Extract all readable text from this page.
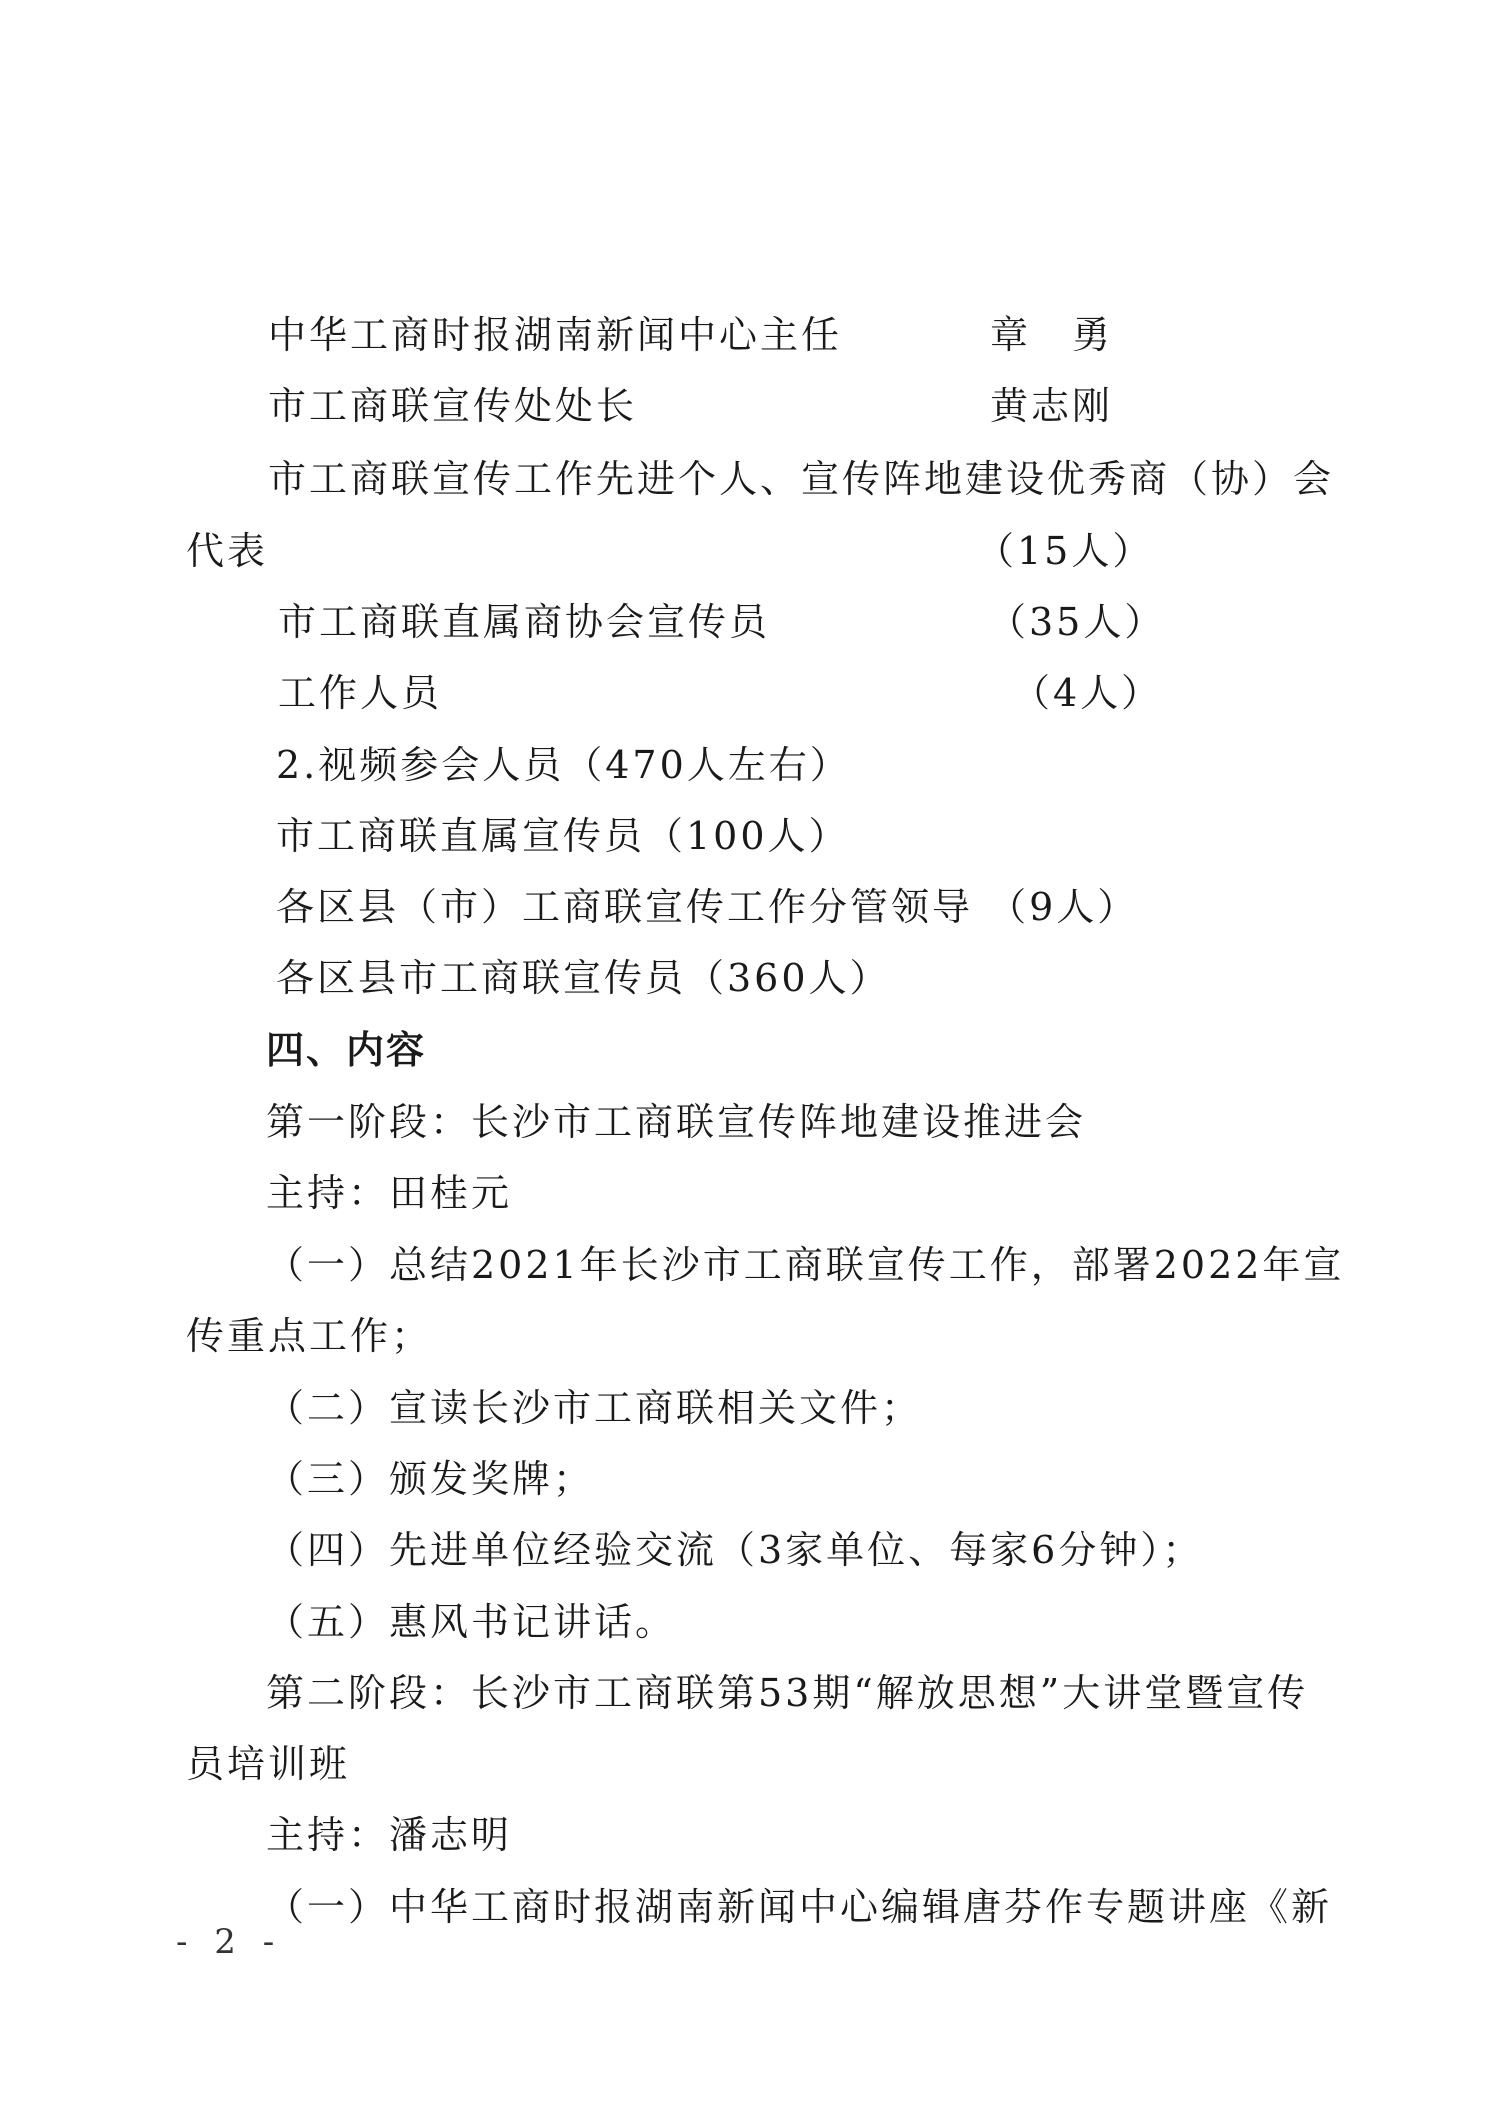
中华工商时报湖南新闻中心主任	章　勇
市工商联宣传处处长	黄志刚
市工商联宣传工作先进个人、宣传阵地建设优秀商（协）会
代表	（15人）
市工商联直属商协会宣传员	（35人）
工作人员	（4人）
2.视频参会人员（470人左右）
市工商联直属宣传员（100人）
各区县（市）工商联宣传工作分管领导 （9人）
各区县市工商联宣传员（360人）
四、内容
第一阶段：长沙市工商联宣传阵地建设推进会
主持：田桂元
（一）总结2021年长沙市工商联宣传工作，部署2022年宣
传重点工作；
（二）宣读长沙市工商联相关文件；
（三）颁发奖牌；
（四）先进单位经验交流（3家单位、每家6分钟）；
（五）惠风书记讲话。
第二阶段：长沙市工商联第53期“解放思想”大讲堂暨宣传
员培训班
主持：潘志明
（一）中华工商时报湖南新闻中心编辑唐芬作专题讲座《新
- 2 -
